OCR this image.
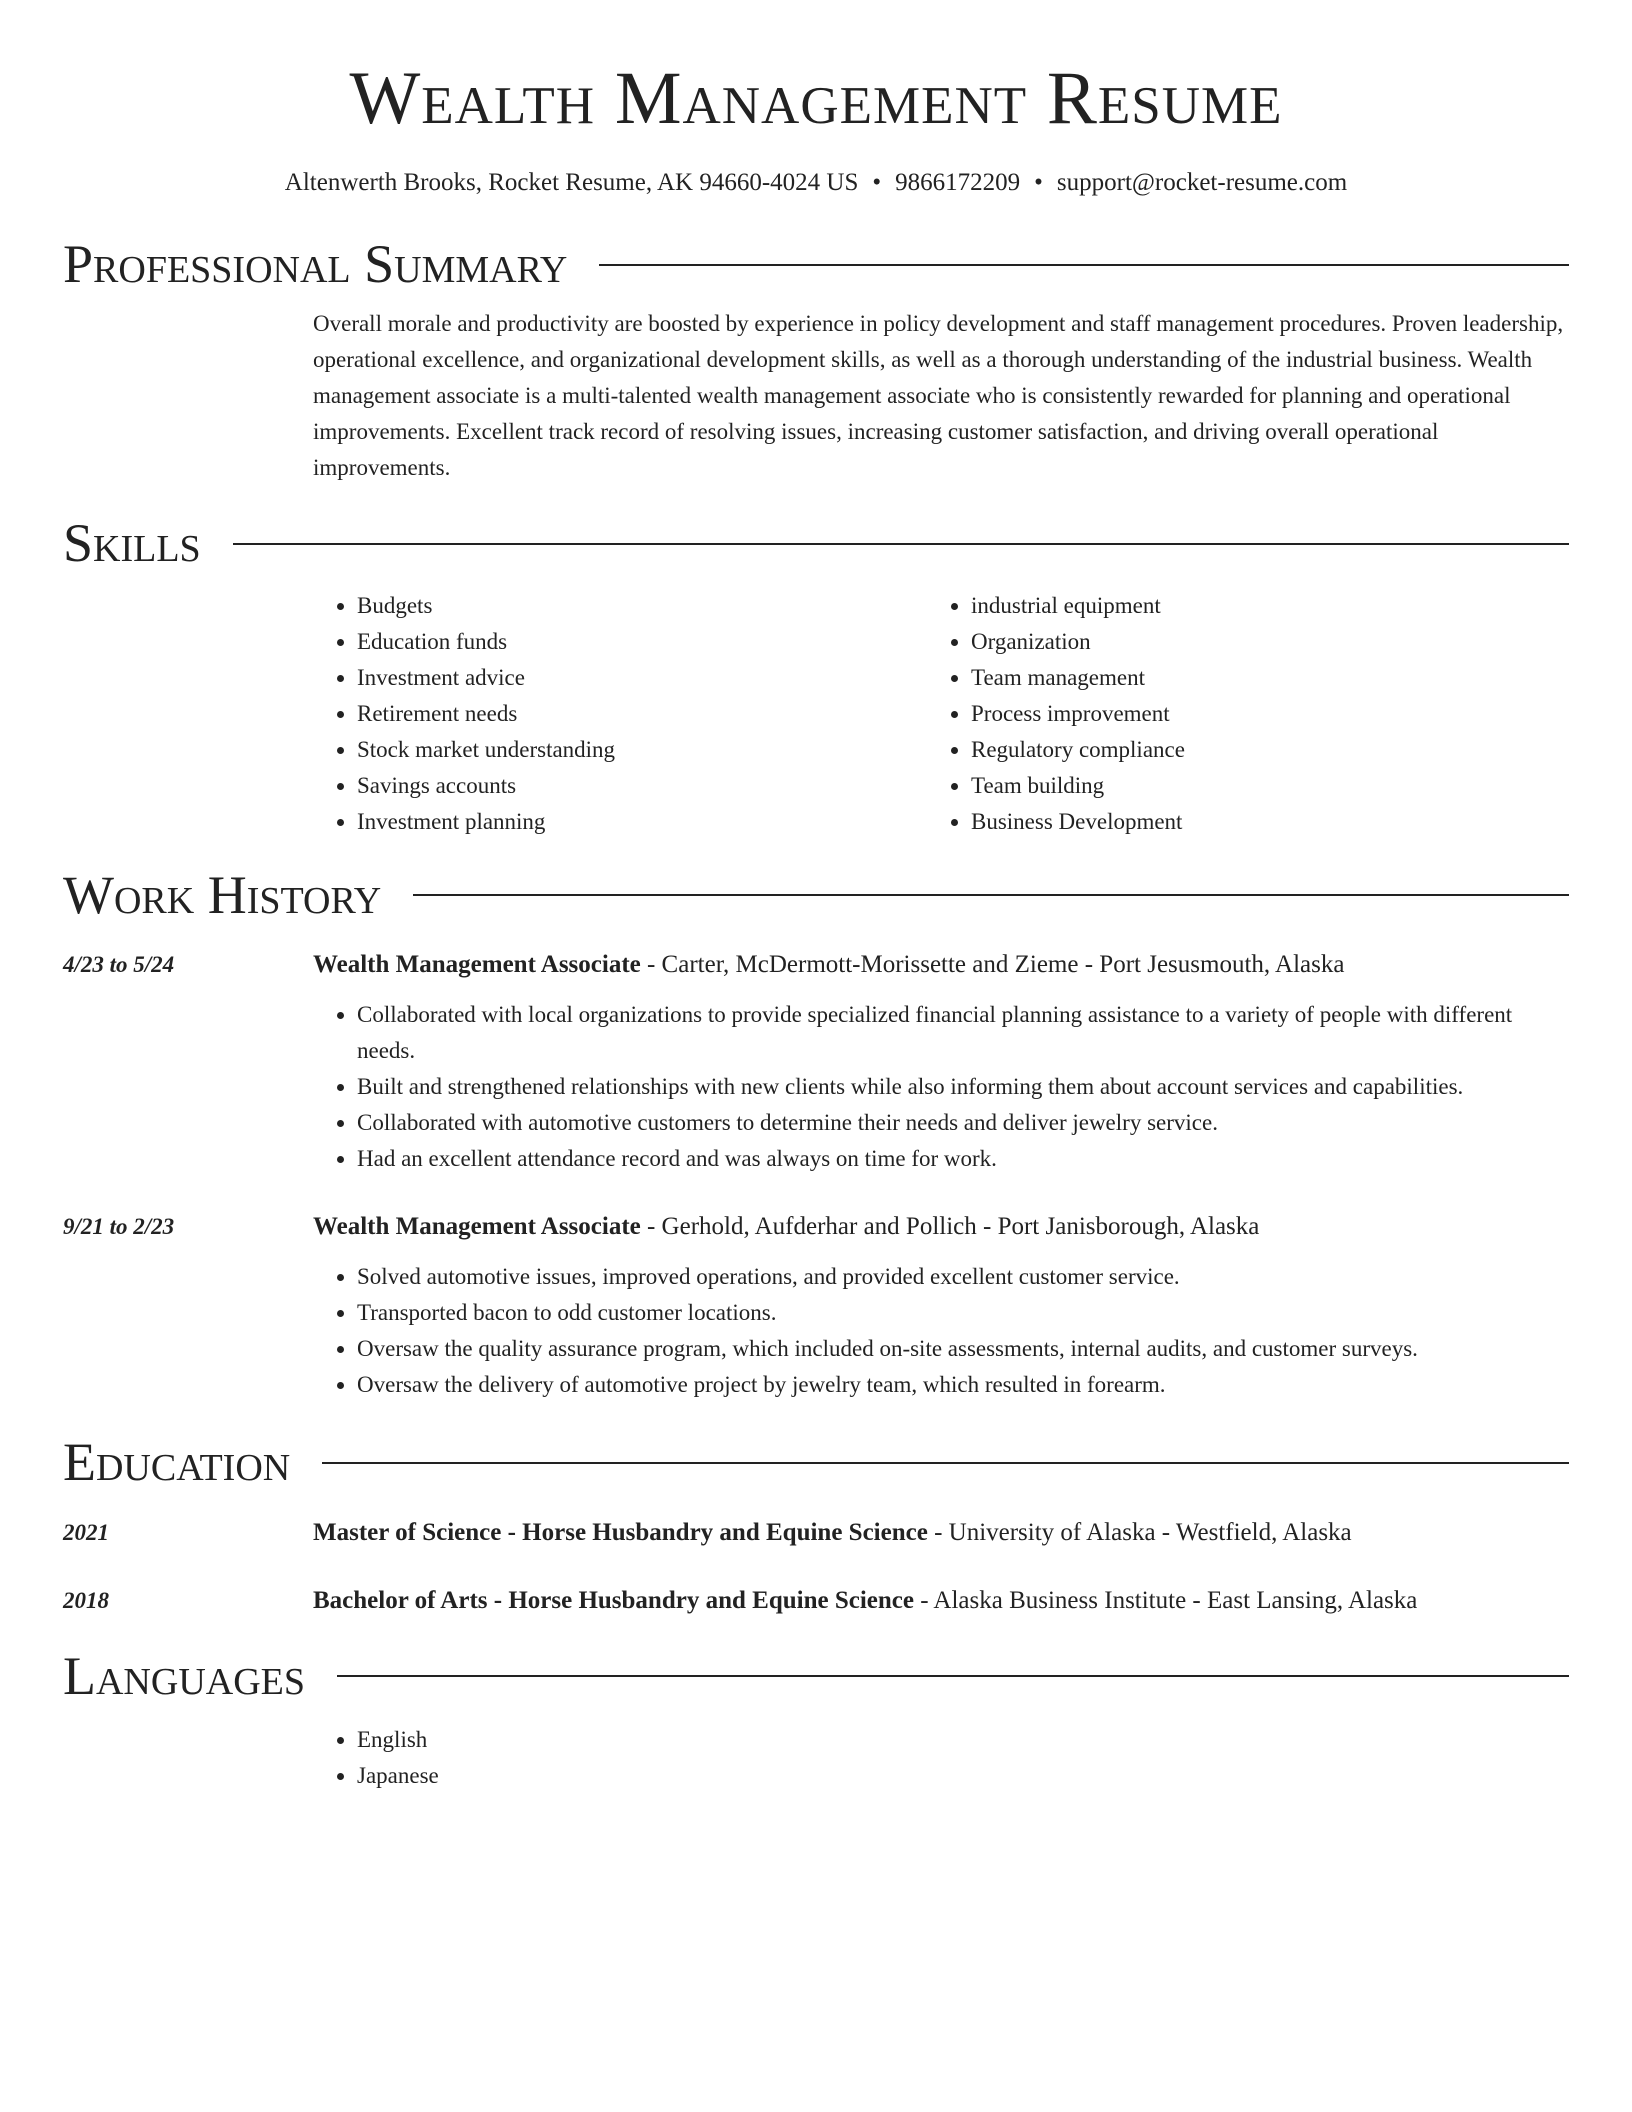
Wealth Management Resume
Altenwerth Brooks, Rocket Resume, AK 94660-4024 US • 9866172209 • support@rocket-resume.com
Professional Summary

Overall morale and productivity are boosted by experience in policy development and staff management procedures. Proven leadership, operational excellence, and organizational development skills, as well as a thorough understanding of the industrial business. Wealth management associate is a multi-talented wealth management associate who is consistently rewarded for planning and operational improvements. Excellent track record of resolving issues, increasing customer satisfaction, and driving overall operational improvements.

Skills
• Budgets
• Education funds
• Investment advice
• Retirement needs
• Stock market understanding
• Savings accounts
• Investment planning
• industrial equipment
• Organization
• Team management
• Process improvement
• Regulatory compliance
• Team building
• Business Development
Work History
4/23 to 5/24	Wealth Management Associate - Carter, McDermott-Morissette and Zieme - Port Jesusmouth, Alaska
• Collaborated with local organizations to provide specialized financial planning assistance to a variety of people with different needs.
• Built and strengthened relationships with new clients while also informing them about account services and capabilities.
• Collaborated with automotive customers to determine their needs and deliver jewelry service.
• Had an excellent attendance record and was always on time for work.
9/21 to 2/23	Wealth Management Associate - Gerhold, Aufderhar and Pollich - Port Janisborough, Alaska
• Solved automotive issues, improved operations, and provided excellent customer service.
• Transported bacon to odd customer locations.
• Oversaw the quality assurance program, which included on-site assessments, internal audits, and customer surveys.
• Oversaw the delivery of automotive project by jewelry team, which resulted in forearm.
Education
2021	Master of Science - Horse Husbandry and Equine Science - University of Alaska - Westfield, Alaska
2018	Bachelor of Arts - Horse Husbandry and Equine Science - Alaska Business Institute - East Lansing, Alaska
Languages
• English
• Japanese
